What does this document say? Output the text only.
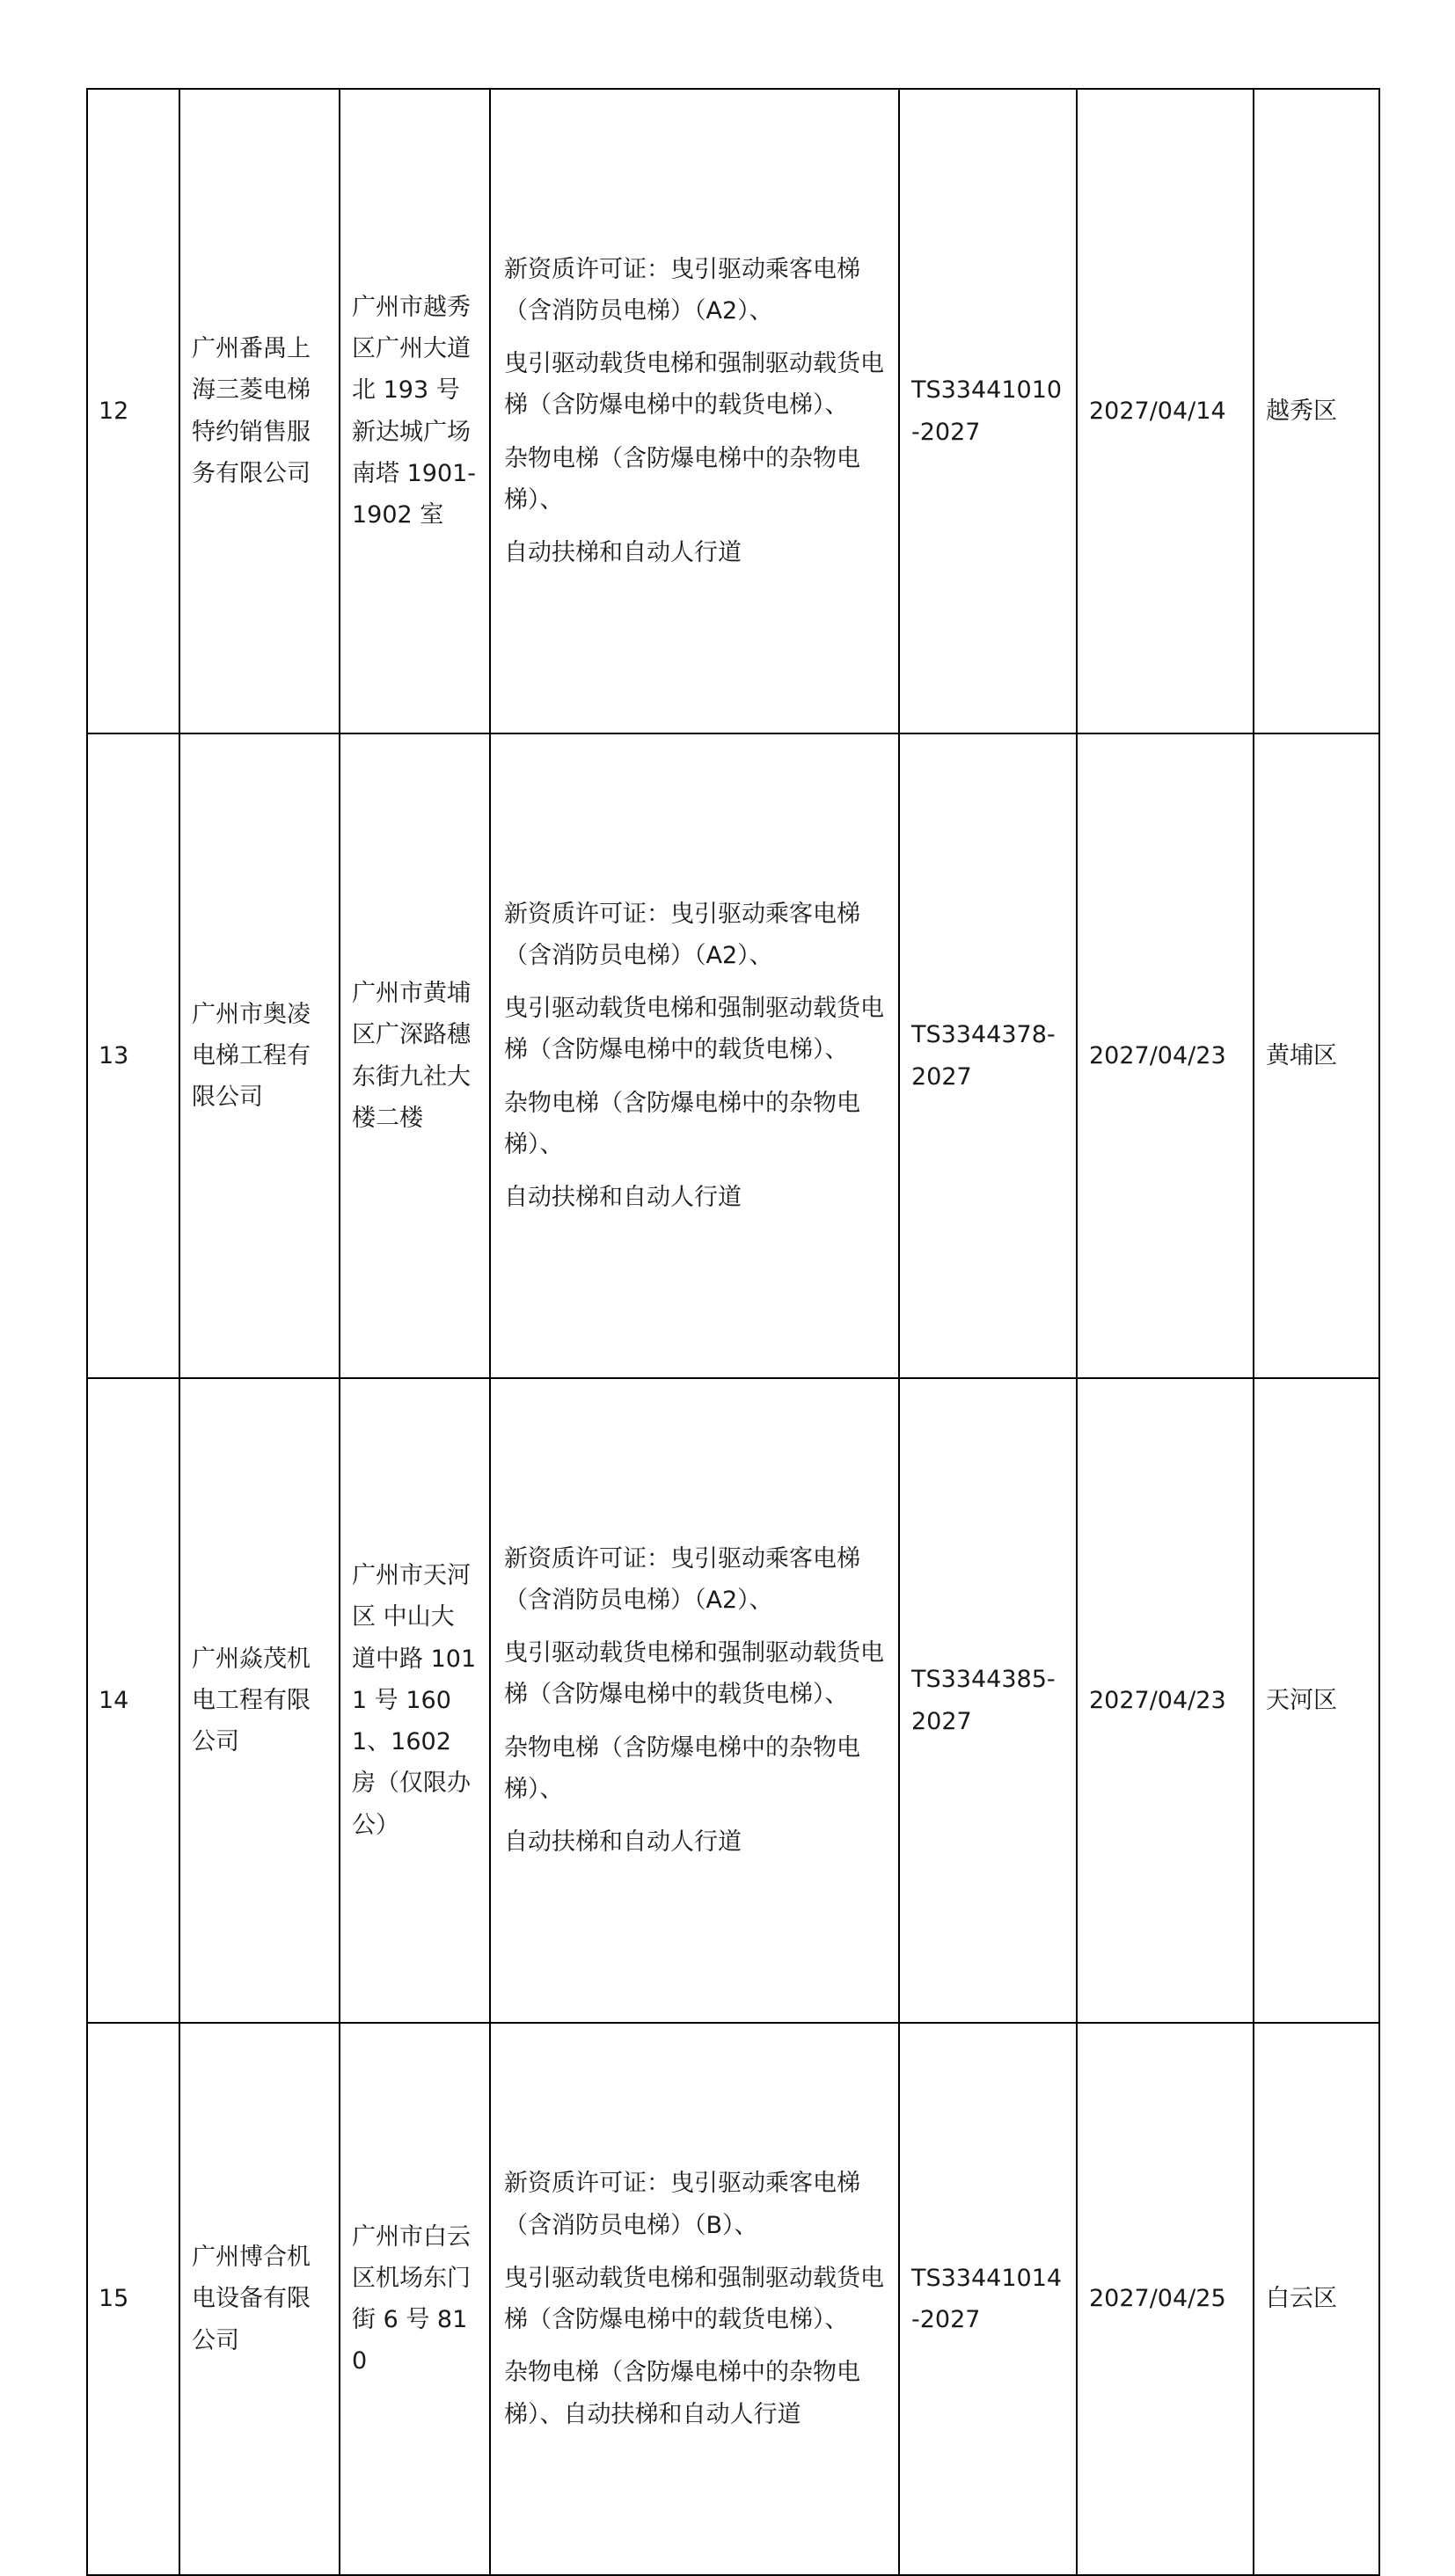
12	广州番禺上海三菱电梯特约销售服务有限公司	广州市越秀区广州大道北 193 号新达城广场南塔 1901-1902 室	新资质许可证：曳引驱动乘客电梯（含消防员电梯）（A2）、
曳引驱动载货电梯和强制驱动载货电梯（含防爆电梯中的载货电梯）、
杂物电梯（含防爆电梯中的杂物电梯）、
自动扶梯和自动人行道	TS33441010-2027	2027/04/14	越秀区
13	广州市奥凌电梯工程有限公司	广州市黄埔区广深路穗东街九社大楼二楼	新资质许可证：曳引驱动乘客电梯（含消防员电梯）（A2）、
曳引驱动载货电梯和强制驱动载货电梯（含防爆电梯中的载货电梯）、
杂物电梯（含防爆电梯中的杂物电梯）、
自动扶梯和自动人行道	TS3344378-2027	2027/04/23	黄埔区
14	广州焱茂机电工程有限公司	广州市天河区 中山大道中路 1011 号 1601、1602 房（仅限办公）	新资质许可证：曳引驱动乘客电梯（含消防员电梯）（A2）、
曳引驱动载货电梯和强制驱动载货电梯（含防爆电梯中的载货电梯）、
杂物电梯（含防爆电梯中的杂物电梯）、
自动扶梯和自动人行道	TS3344385-2027	2027/04/23	天河区
15	广州博合机电设备有限公司	广州市白云区机场东门街 6 号 810	新资质许可证：曳引驱动乘客电梯（含消防员电梯）（B）、
曳引驱动载货电梯和强制驱动载货电梯（含防爆电梯中的载货电梯）、
杂物电梯（含防爆电梯中的杂物电梯）、自动扶梯和自动人行道	TS33441014-2027	2027/04/25	白云区
